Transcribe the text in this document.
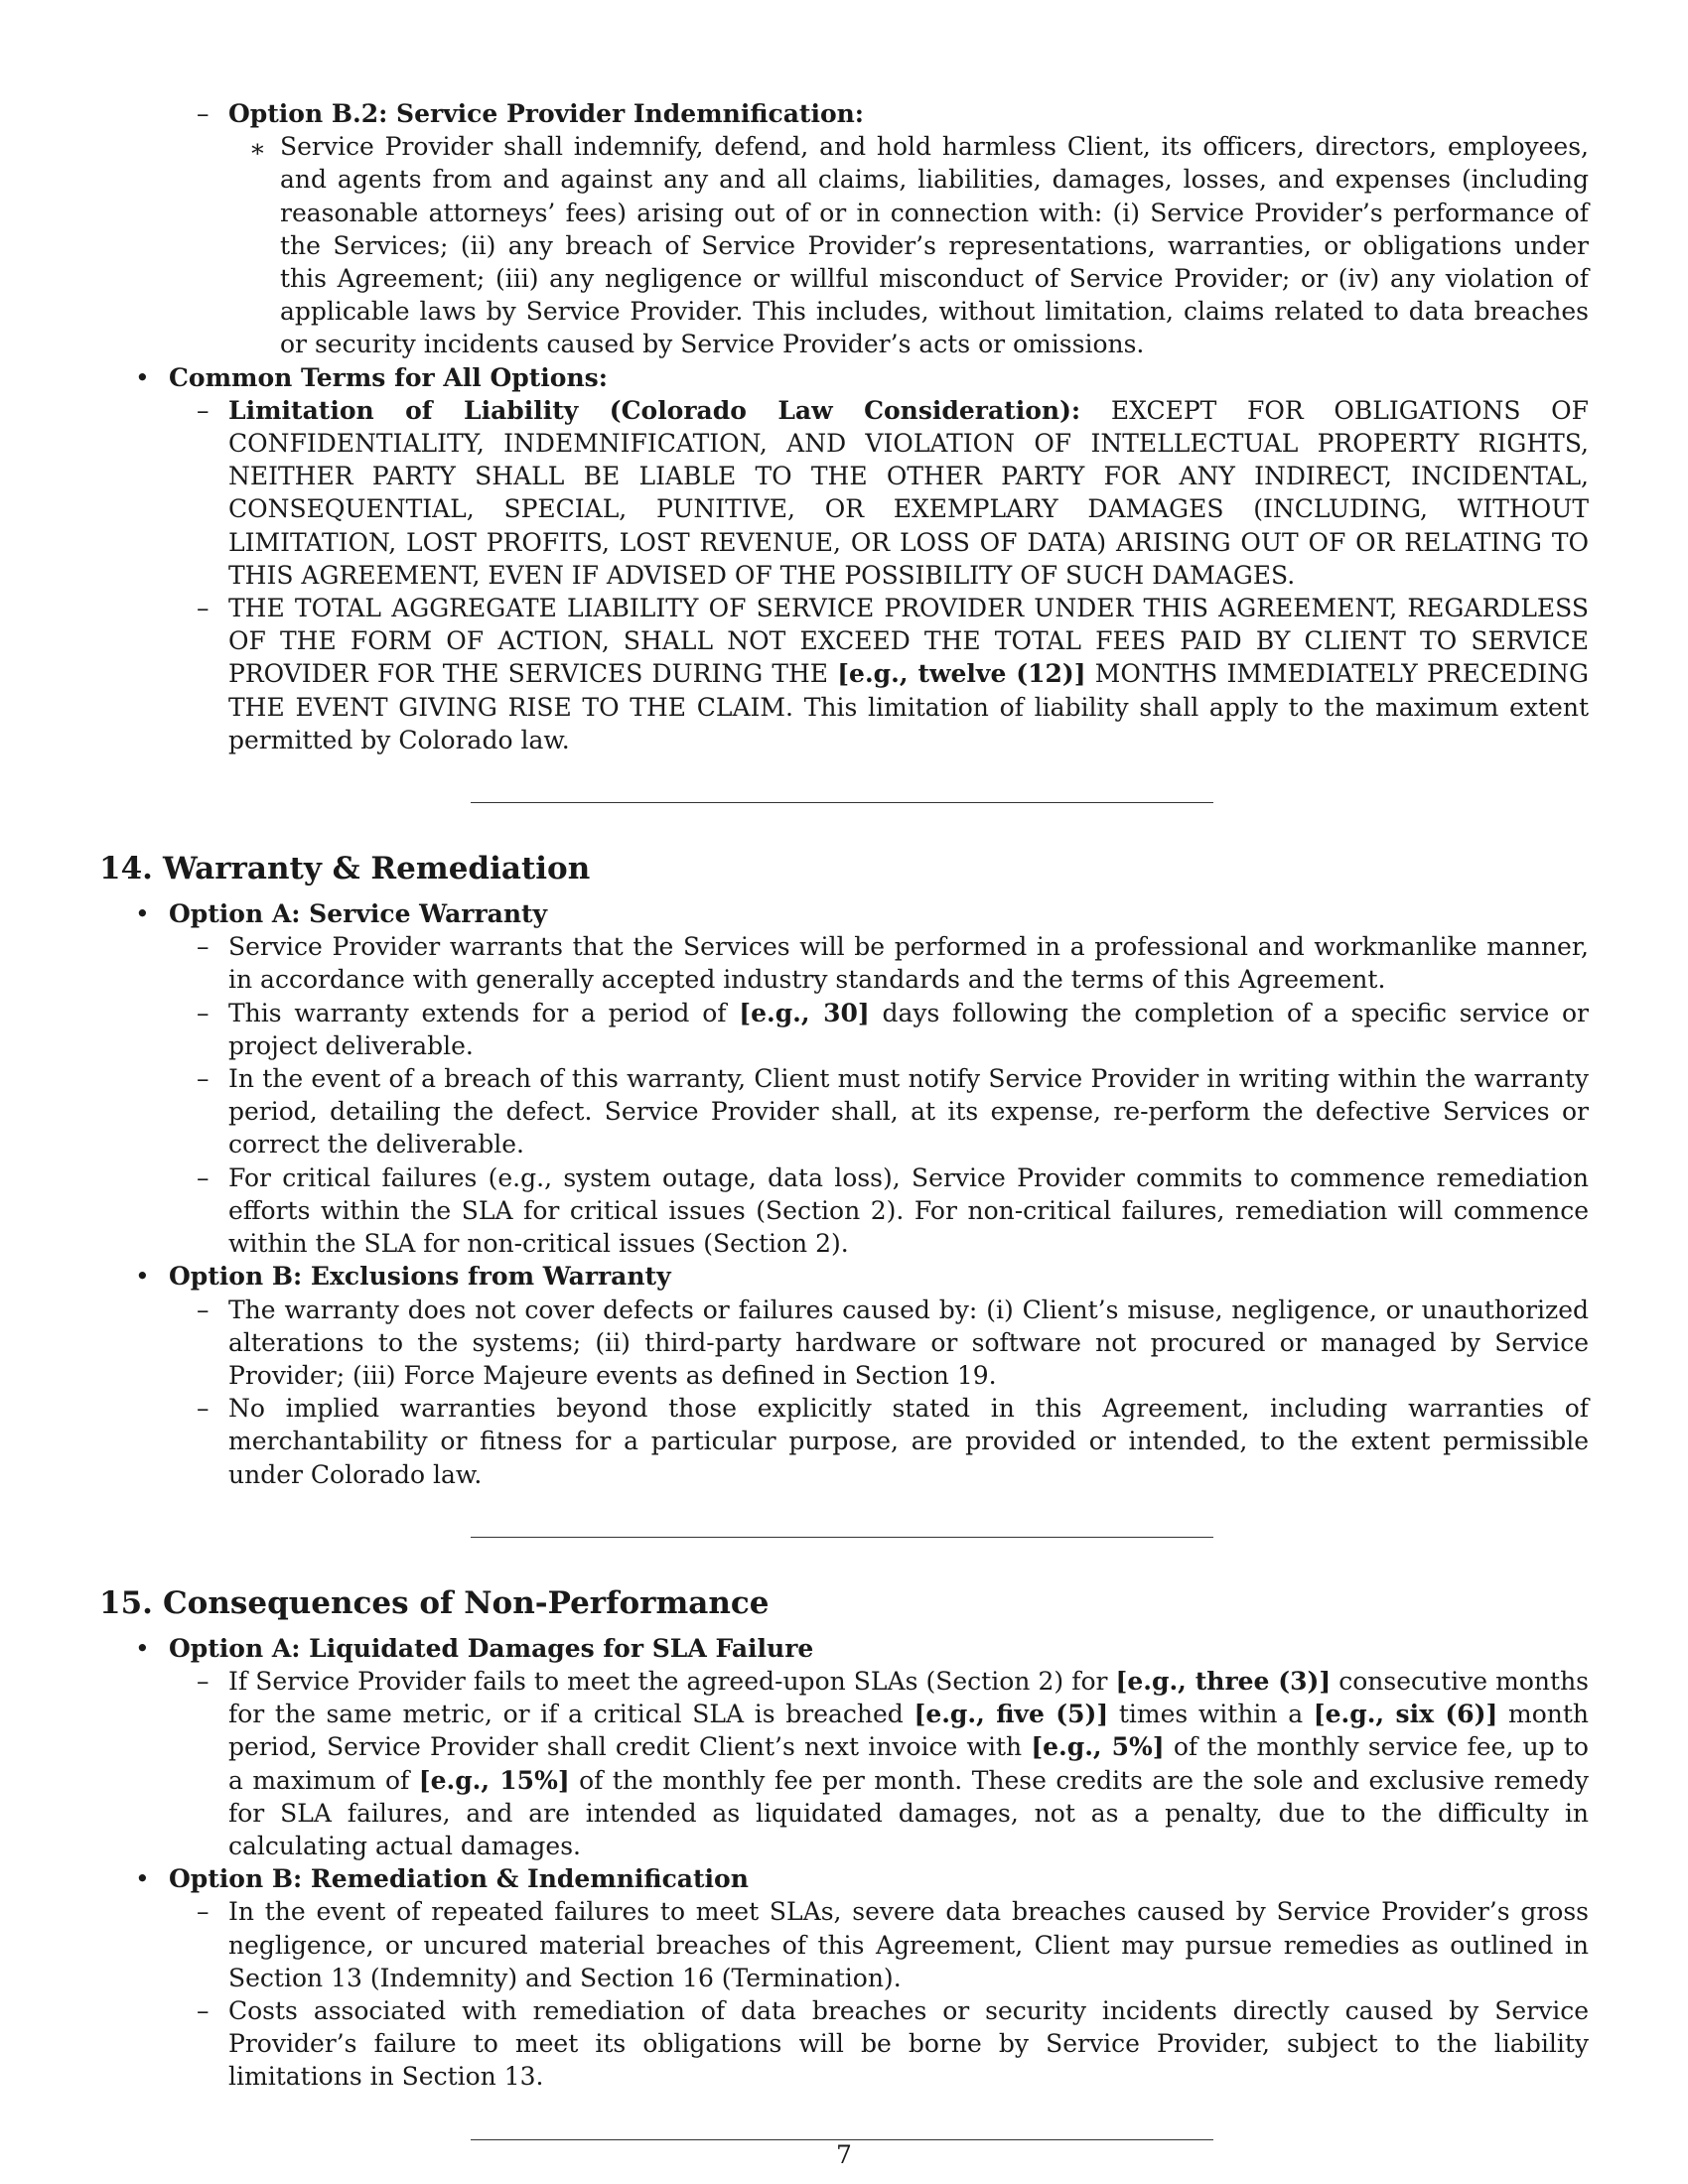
– Option B.2: Service Provider Indemnification:
∗ Service Provider shall indemnify, defend, and hold harmless Client, its officers, directors, employees, and agents from and against any and all claims, liabilities, damages, losses, and expenses (including reasonable attorneys’ fees) arising out of or in connection with: (i) Service Provider’s performance of the Services; (ii) any breach of Service Provider’s representations, warranties, or obligations under this Agreement; (iii) any negligence or willful misconduct of Service Provider; or (iv) any violation of applicable laws by Service Provider. This includes, without limitation, claims related to data breaches or security incidents caused by Service Provider’s acts or omissions.
• Common Terms for All Options:
– Limitation of Liability (Colorado Law Consideration): EXCEPT FOR OBLIGATIONS OF CONFIDENTIALITY, INDEMNIFICATION, AND VIOLATION OF INTELLECTUAL PROPERTY RIGHTS, NEITHER PARTY SHALL BE LIABLE TO THE OTHER PARTY FOR ANY INDIRECT, INCIDENTAL, CONSEQUENTIAL, SPECIAL, PUNITIVE, OR EXEMPLARY DAMAGES (INCLUDING, WITHOUT LIMITATION, LOST PROFITS, LOST REVENUE, OR LOSS OF DATA) ARISING OUT OF OR RELATING TO THIS AGREEMENT, EVEN IF ADVISED OF THE POSSIBILITY OF SUCH DAMAGES.
– THE TOTAL AGGREGATE LIABILITY OF SERVICE PROVIDER UNDER THIS AGREEMENT, REGARDLESS OF THE FORM OF ACTION, SHALL NOT EXCEED THE TOTAL FEES PAID BY CLIENT TO SERVICE PROVIDER FOR THE SERVICES DURING THE [e.g., twelve (12)] MONTHS IMMEDIATELY PRECEDING THE EVENT GIVING RISE TO THE CLAIM. This limitation of liability shall apply to the maximum extent permitted by Colorado law.
14. Warranty & Remediation
• Option A: Service Warranty
– Service Provider warrants that the Services will be performed in a professional and workmanlike manner, in accordance with generally accepted industry standards and the terms of this Agreement.
– This warranty extends for a period of [e.g., 30] days following the completion of a specific service or project deliverable.
– In the event of a breach of this warranty, Client must notify Service Provider in writing within the warranty period, detailing the defect. Service Provider shall, at its expense, re-perform the defective Services or correct the deliverable.
– For critical failures (e.g., system outage, data loss), Service Provider commits to commence remediation efforts within the SLA for critical issues (Section 2). For non-critical failures, remediation will commence within the SLA for non-critical issues (Section 2).
• Option B: Exclusions from Warranty
– The warranty does not cover defects or failures caused by: (i) Client’s misuse, negligence, or unauthorized alterations to the systems; (ii) third-party hardware or software not procured or managed by Service Provider; (iii) Force Majeure events as defined in Section 19.
– No implied warranties beyond those explicitly stated in this Agreement, including warranties of merchantability or fitness for a particular purpose, are provided or intended, to the extent permissible under Colorado law.
15. Consequences of Non-Performance
• Option A: Liquidated Damages for SLA Failure
– If Service Provider fails to meet the agreed-upon SLAs (Section 2) for [e.g., three (3)] consecutive months for the same metric, or if a critical SLA is breached [e.g., five (5)] times within a [e.g., six (6)] month period, Service Provider shall credit Client’s next invoice with [e.g., 5%] of the monthly service fee, up to a maximum of [e.g., 15%] of the monthly fee per month. These credits are the sole and exclusive remedy for SLA failures, and are intended as liquidated damages, not as a penalty, due to the difficulty in calculating actual damages.
• Option B: Remediation & Indemnification
– In the event of repeated failures to meet SLAs, severe data breaches caused by Service Provider’s gross negligence, or uncured material breaches of this Agreement, Client may pursue remedies as outlined in Section 13 (Indemnity) and Section 16 (Termination).
– Costs associated with remediation of data breaches or security incidents directly caused by Service Provider’s failure to meet its obligations will be borne by Service Provider, subject to the liability limitations in Section 13.
7
